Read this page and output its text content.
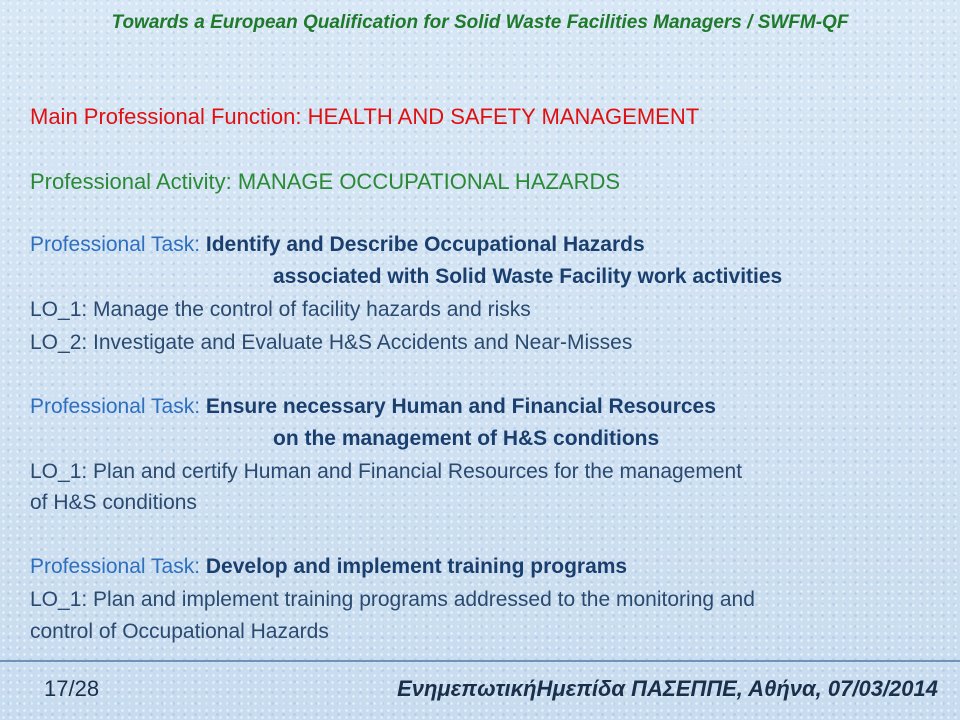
Towards a European Qualification for Solid Waste Facilities Managers / SWFM-QF
Main Professional Function: HEALTH AND SAFETY MANAGEMENT
Professional Activity: MANAGE OCCUPATIONAL HAZARDS
Professional Task: Identify and Describe Occupational Hazards
associated with Solid Waste Facility work activities
LO_1: Manage the control of facility hazards and risks
LO_2: Investigate and Evaluate H&S Accidents and Near-Misses
Professional Task: Ensure necessary Human and Financial Resources
on the management of H&S conditions
LO_1: Plan and certify Human and Financial Resources for the management
of H&S conditions
Professional Task: Develop and implement training programs
LO_1: Plan and implement training programs addressed to the monitoring and
control of Occupational Hazards
17/28	ΕνημεπωτικήΗμεπίδα ΠΑΣΕΠΠΕ, Αθήνα, 07/03/2014
